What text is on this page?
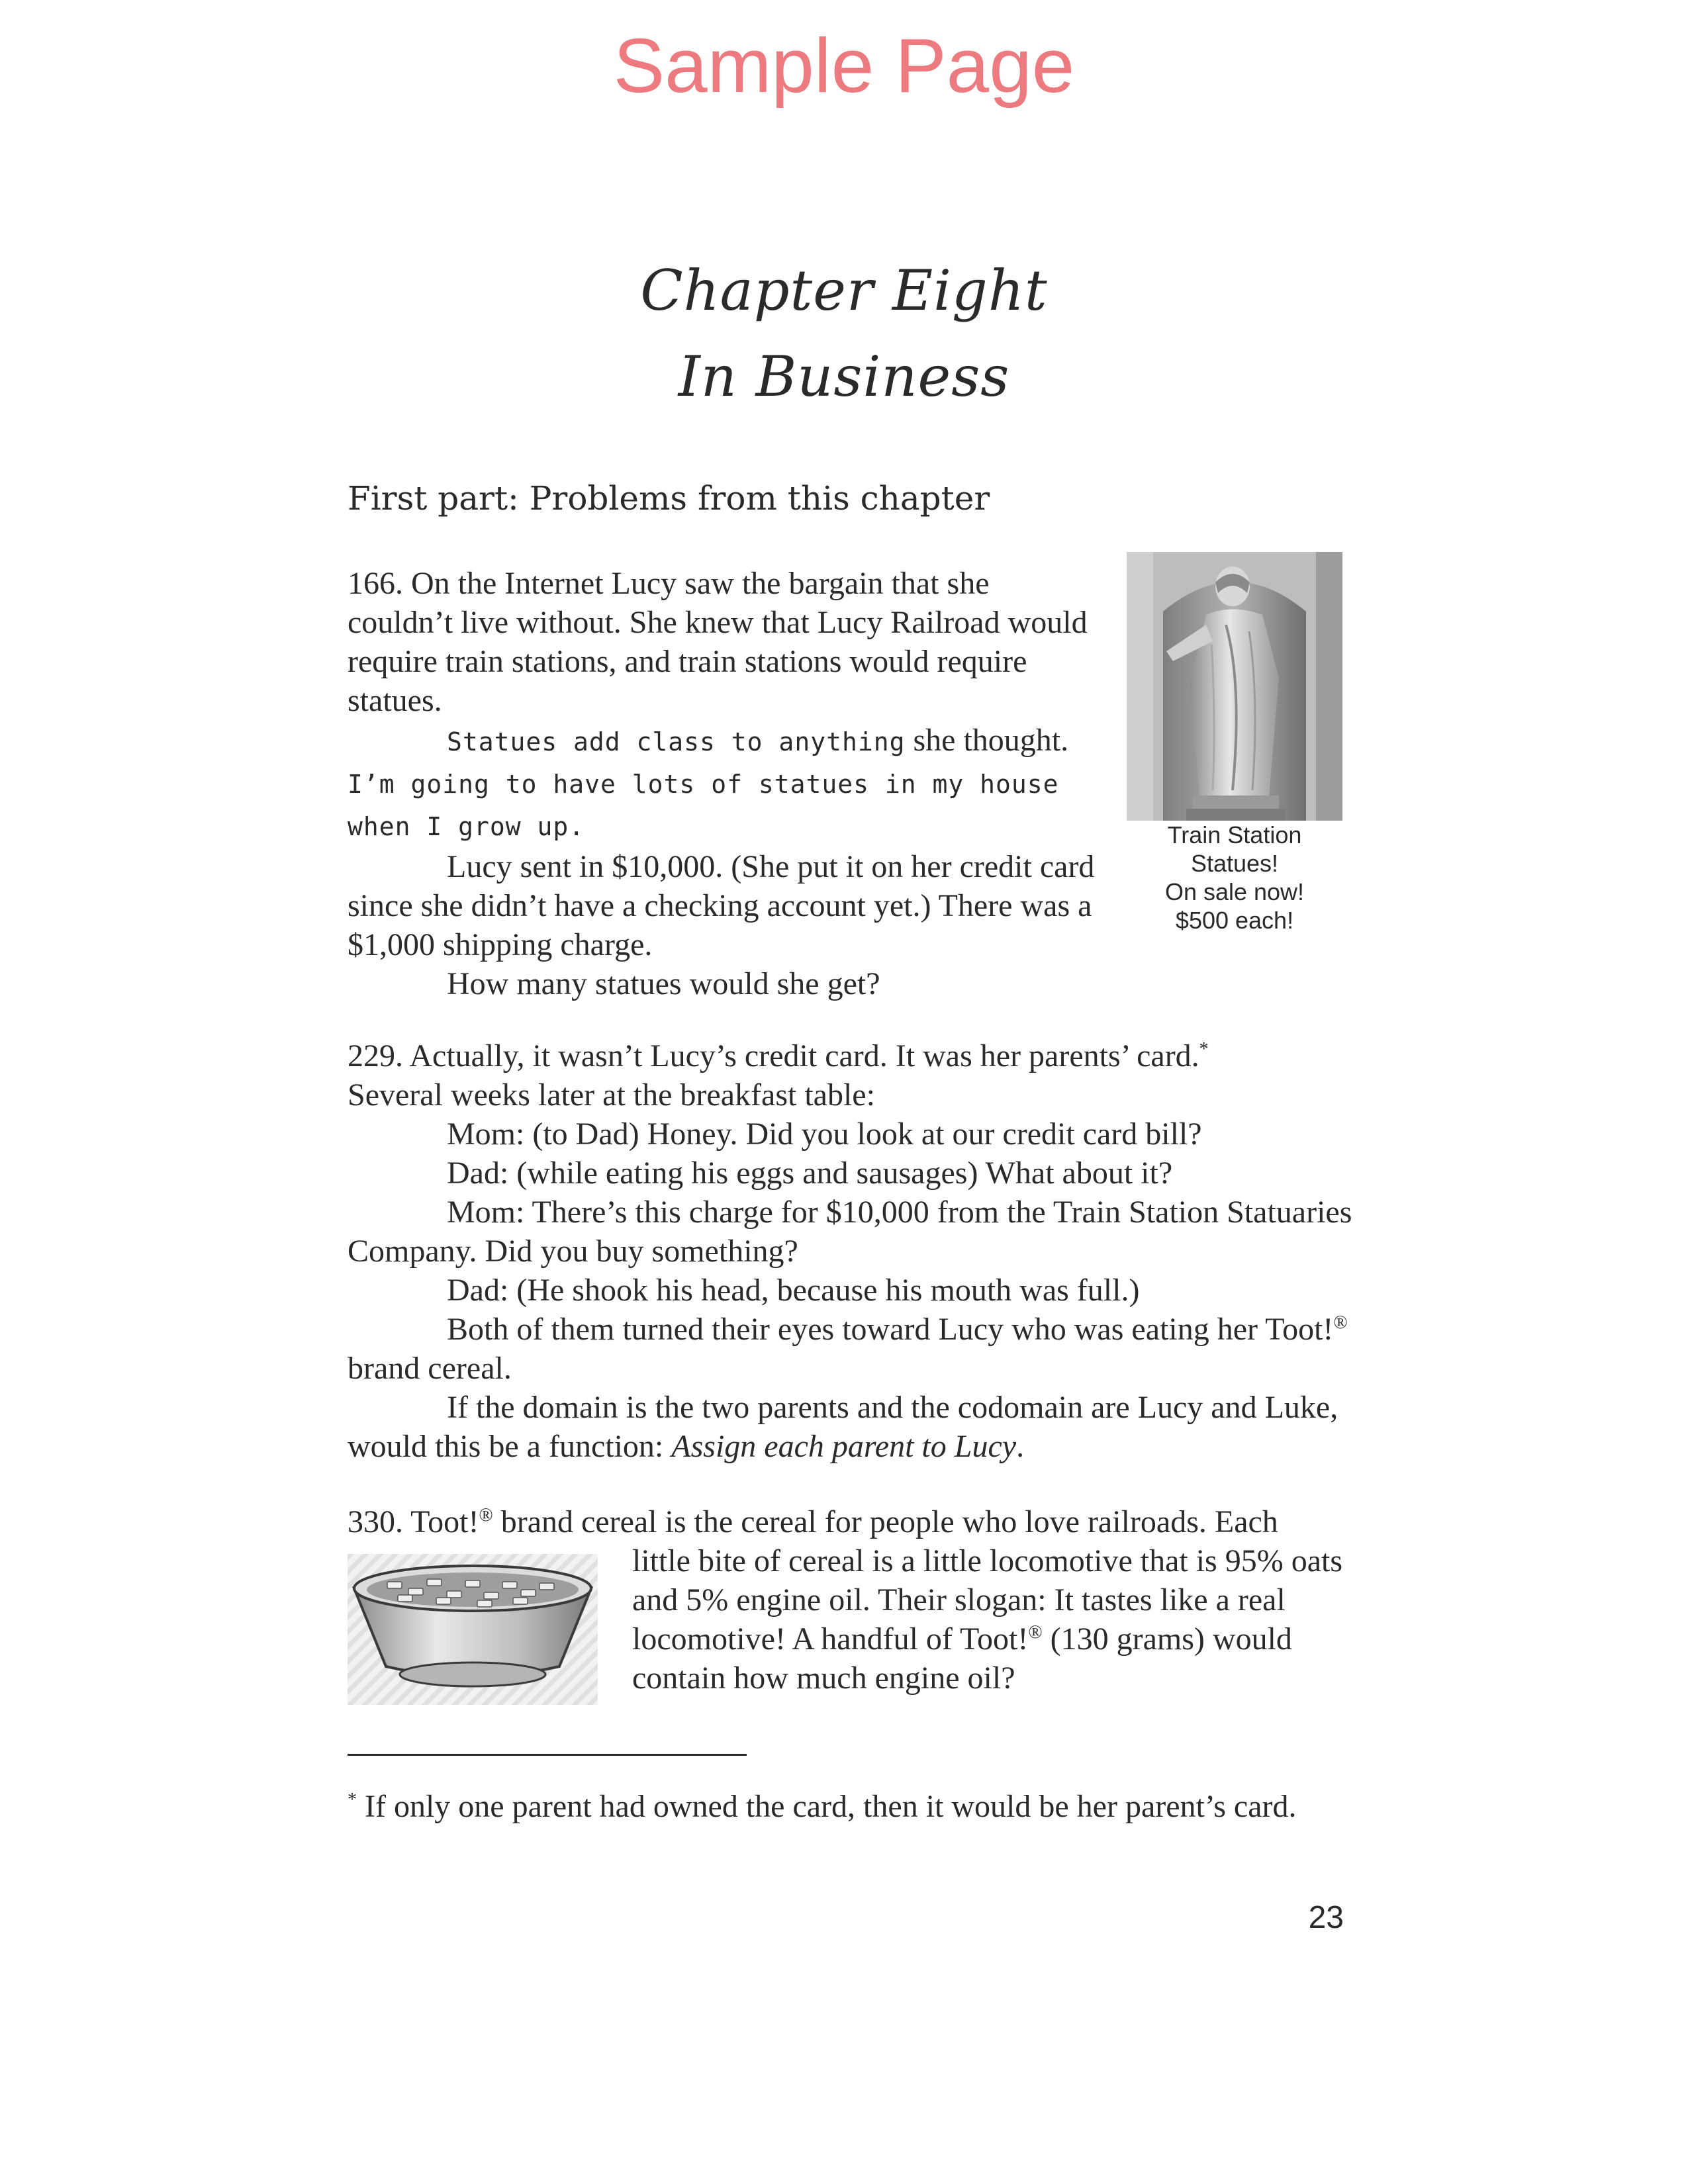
Sample Page
Chapter Eight
In Business
First part: Problems from this chapter

166. On the Internet Lucy saw the bargain that she couldn’t live without. She knew that Lucy Railroad would require train stations, and train stations would require statues.

Statues add class to anything she thought. I’m going to have lots of statues in my house when I grow up.

Lucy sent in $10,000. (She put it on her credit card since she didn’t have a checking account yet.) There was a $1,000 shipping charge.

How many statues would she get?

Train Station
Statues!
On sale now!
$500 each!

229. Actually, it wasn’t Lucy’s credit card. It was her parents’ card.*

Several weeks later at the breakfast table:

Mom: (to Dad) Honey. Did you look at our credit card bill?

Dad: (while eating his eggs and sausages) What about it?

Mom: There’s this charge for $10,000 from the Train Station Statuaries Company. Did you buy something?

Dad: (He shook his head, because his mouth was full.)

Both of them turned their eyes toward Lucy who was eating her Toot!® brand cereal.

If the domain is the two parents and the codomain are Lucy and Luke, would this be a function: Assign each parent to Lucy.

330. Toot!® brand cereal is the cereal for people who love railroads. Each
little bite of cereal is a little locomotive that is 95% oats and 5% engine oil. Their slogan: It tastes like a real locomotive! A handful of Toot!® (130 grams) would contain how much engine oil?
* If only one parent had owned the card, then it would be her parent’s card.
23
